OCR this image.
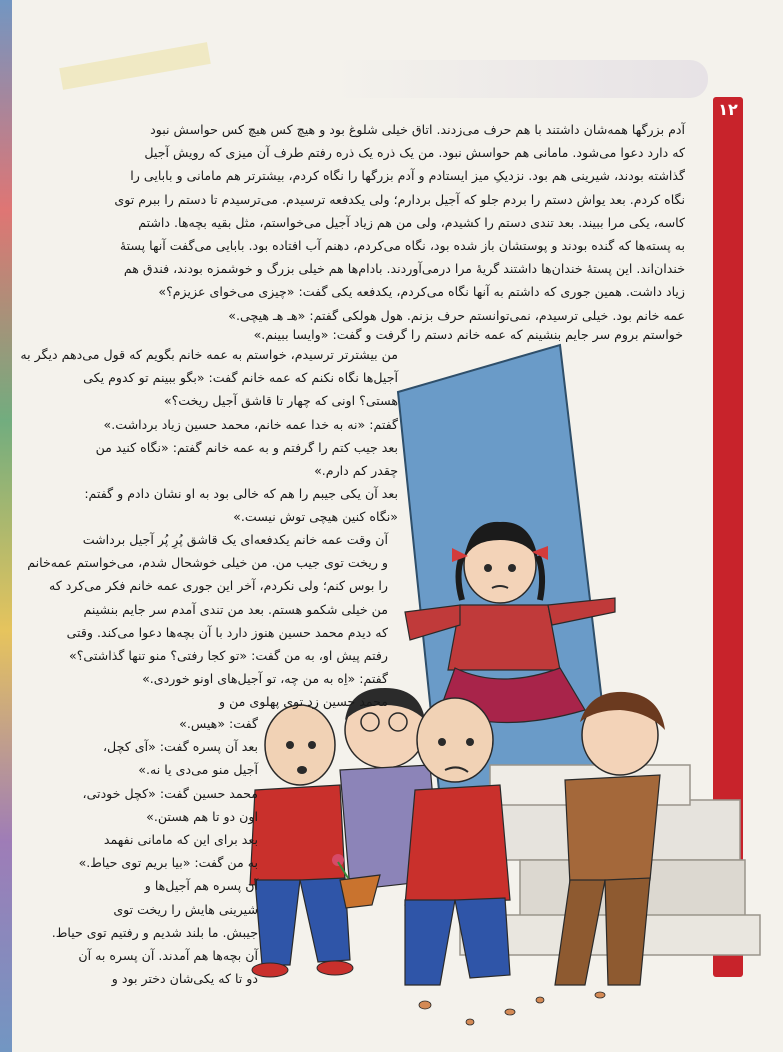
۱۲

آدم بزرگها همه‌شان داشتند با هم حرف می‌زدند. اتاق خیلی شلوغ بود و هیچ کس هیچ کس حواسش نبود

که دارد دعوا می‌شود. مامانی هم حواسش نبود. من یک ذره یک ذره رفتم طرف آن میزی که رویش آجیل

گذاشته بودند، شیرینی هم بود. نزدیکِ میز ایستادم و آدم بزرگها را نگاه کردم، بیشترتر هم مامانی و بابایی را

نگاه کردم. بعد یواش دستم را بردم جلو که آجیل بردارم؛ ولی یکدفعه ترسیدم. می‌ترسیدم تا دستم را ببرم توی

کاسه، یکی مرا ببیند. بعد تندی دستم را کشیدم، ولی من هم زیاد آجیل می‌خواستم، مثل بقیه بچه‌ها. داشتم

به پسته‌ها که گنده بودند و پوستشان باز شده بود، نگاه می‌کردم، دهنم آب افتاده بود. بابایی می‌گفت آنها پستهٔ

خندان‌اند. این پستهٔ خندان‌ها داشتند گریهٔ مرا درمی‌آوردند. بادام‌ها هم خیلی بزرگ و خوشمزه بودند، فندق هم

زیاد داشت. همین جوری که داشتم به آنها نگاه می‌کردم، یکدفعه یکی گفت: «چیزی می‌خوای عزیزم؟»

عمه خانم بود. خیلی ترسیدم، نمی‌توانستم حرف بزنم. هول هولکی گفتم: «هـ هـ هیچی.»

خواستم بروم سر جایم بنشینم که عمه خانم دستم را گرفت و گفت: «وایسا ببینم.»

من بیشترتر ترسیدم، خواستم به عمه خانم بگویم که قول می‌دهم دیگر به

آجیل‌ها نگاه نکنم که عمه خانم گفت: «بگو ببینم تو کدوم یکی

هستی؟ اونی که چهار تا قاشق آجیل ریخت؟»

گفتم: «نه به خدا عمه خانم، محمد حسین زیاد برداشت.»

بعد جیب کتم را گرفتم و به عمه خانم گفتم: «نگاه کنید من

چقدر کم دارم.»

بعد آن یکی جیبم را هم که خالی بود به او نشان دادم و گفتم:

«نگاه کنین هیچی توش نیست.»

آن وقت عمه خانم یکدفعه‌ای یک قاشق پُرِ پُر آجیل برداشت

و ریخت توی جیب من. من خیلی خوشحال شدم، می‌خواستم عمه‌خانم

را بوس کنم؛ ولی نکردم، آخر این جوری عمه خانم فکر می‌کرد که

من خیلی شکمو هستم. بعد من تندی آمدم سر جایم بنشینم

که دیدم محمد حسین هنوز دارد با آن بچه‌ها دعوا می‌کند. وقتی

رفتم پیش او، به من گفت: «تو کجا رفتی؟ منو تنها گذاشتی؟»

گفتم: «اِه به من چه، تو آجیل‌های اونو خوردی.»

محمد حسین زد توی پهلوی من و

گفت: «هیس.»

بعد آن پسره گفت: «آی کچل،

آجیل منو می‌دی یا نه.»

محمد حسین گفت: «کچل خودتی،

اون دو تا هم هستن.»

بعد برای این که مامانی نفهمد

به من گفت: «بیا بریم توی حیاط.»

آن پسره هم آجیل‌ها و

شیرینی هایش را ریخت توی

جیبش. ما بلند شدیم و رفتیم توی حیاط.

آن بچه‌ها هم آمدند. آن پسره به آن

دو تا که یکی‌شان دختر بود و
